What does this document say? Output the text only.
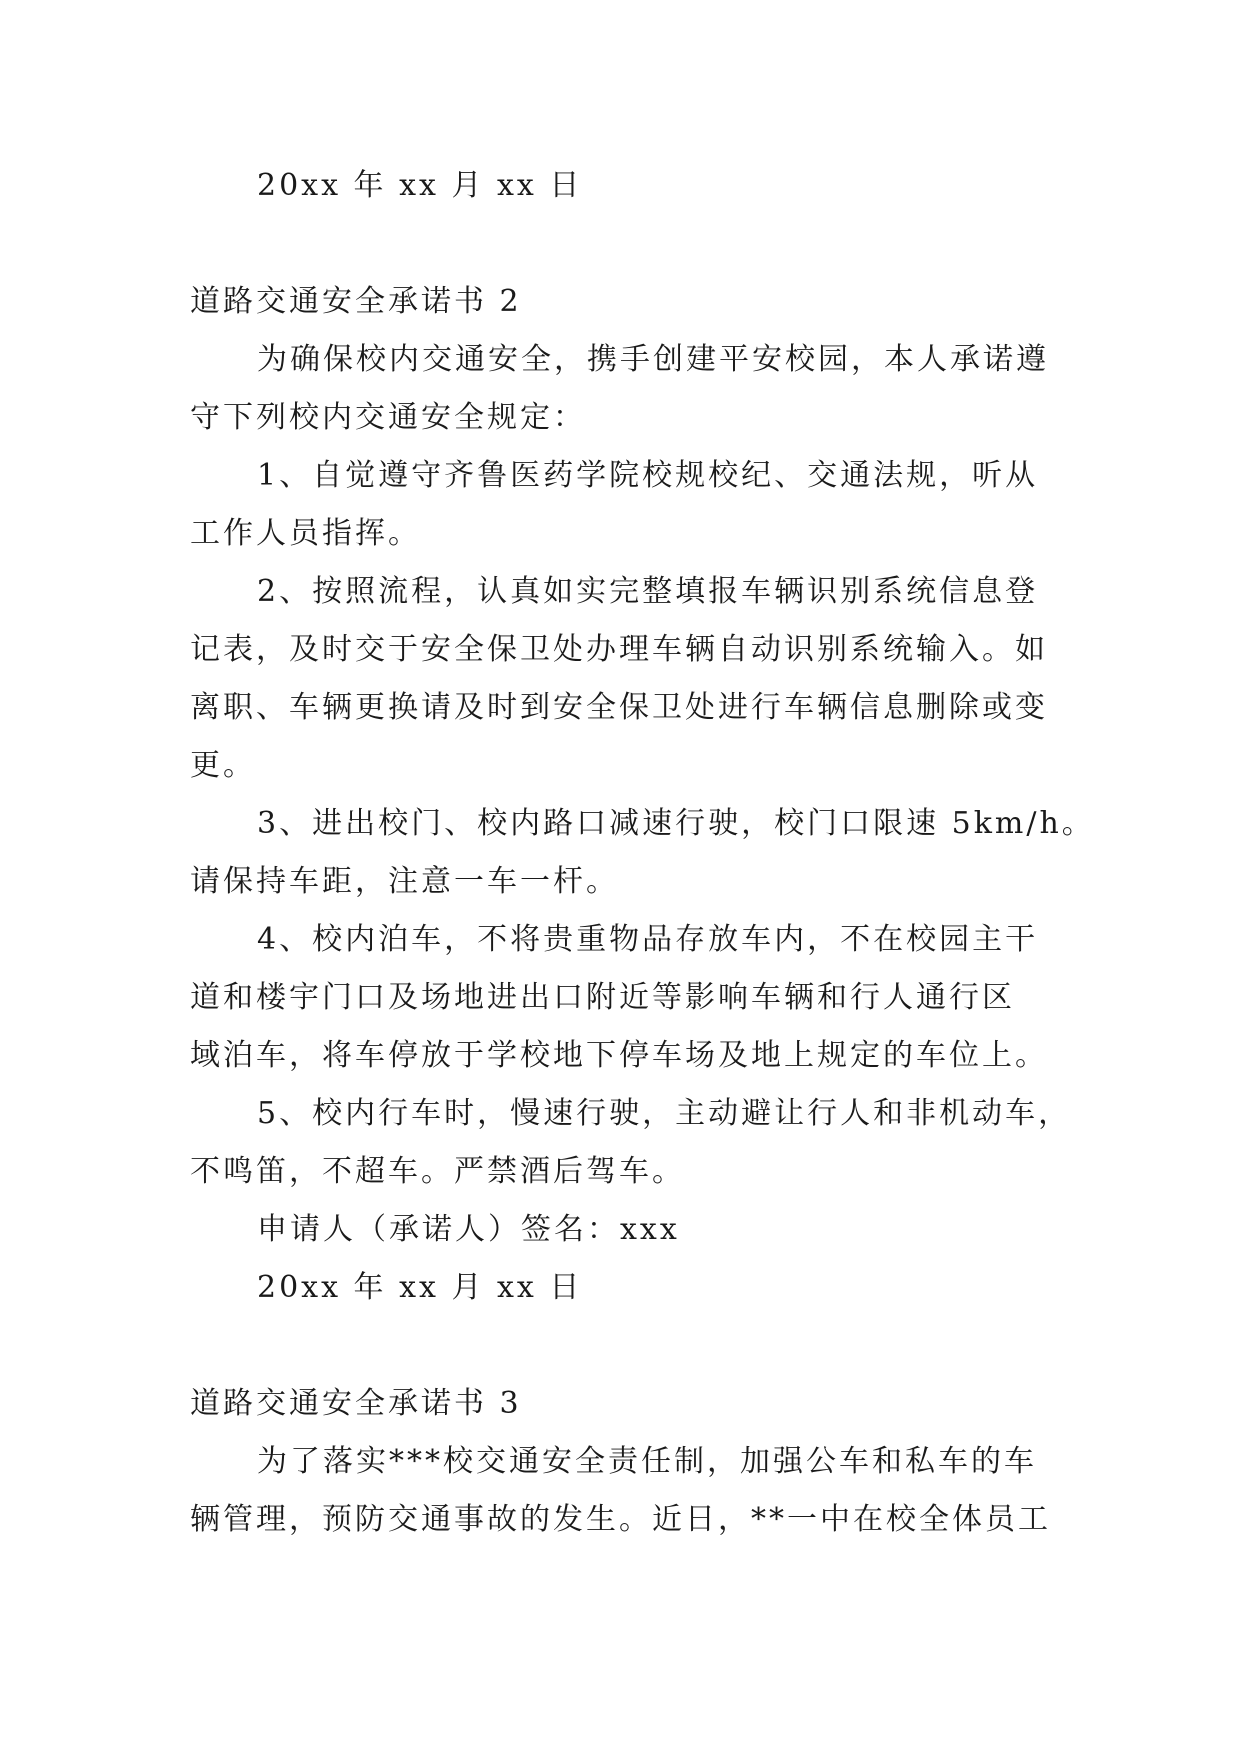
20xx 年 xx 月 xx 日
道路交通安全承诺书 2
为确保校内交通安全，携手创建平安校园，本人承诺遵
守下列校内交通安全规定：
1、自觉遵守齐鲁医药学院校规校纪、交通法规，听从
工作人员指挥。
2、按照流程，认真如实完整填报车辆识别系统信息登
记表，及时交于安全保卫处办理车辆自动识别系统输入。如
离职、车辆更换请及时到安全保卫处进行车辆信息删除或变
更。
3、进出校门、校内路口减速行驶，校门口限速 5km/h。
请保持车距，注意一车一杆。
4、校内泊车，不将贵重物品存放车内，不在校园主干
道和楼宇门口及场地进出口附近等影响车辆和行人通行区
域泊车，将车停放于学校地下停车场及地上规定的车位上。
5、校内行车时，慢速行驶，主动避让行人和非机动车，
不鸣笛，不超车。严禁酒后驾车。
申请人（承诺人）签名：xxx
20xx 年 xx 月 xx 日
道路交通安全承诺书 3
为了落实***校交通安全责任制，加强公车和私车的车
辆管理，预防交通事故的发生。近日，**一中在校全体员工
